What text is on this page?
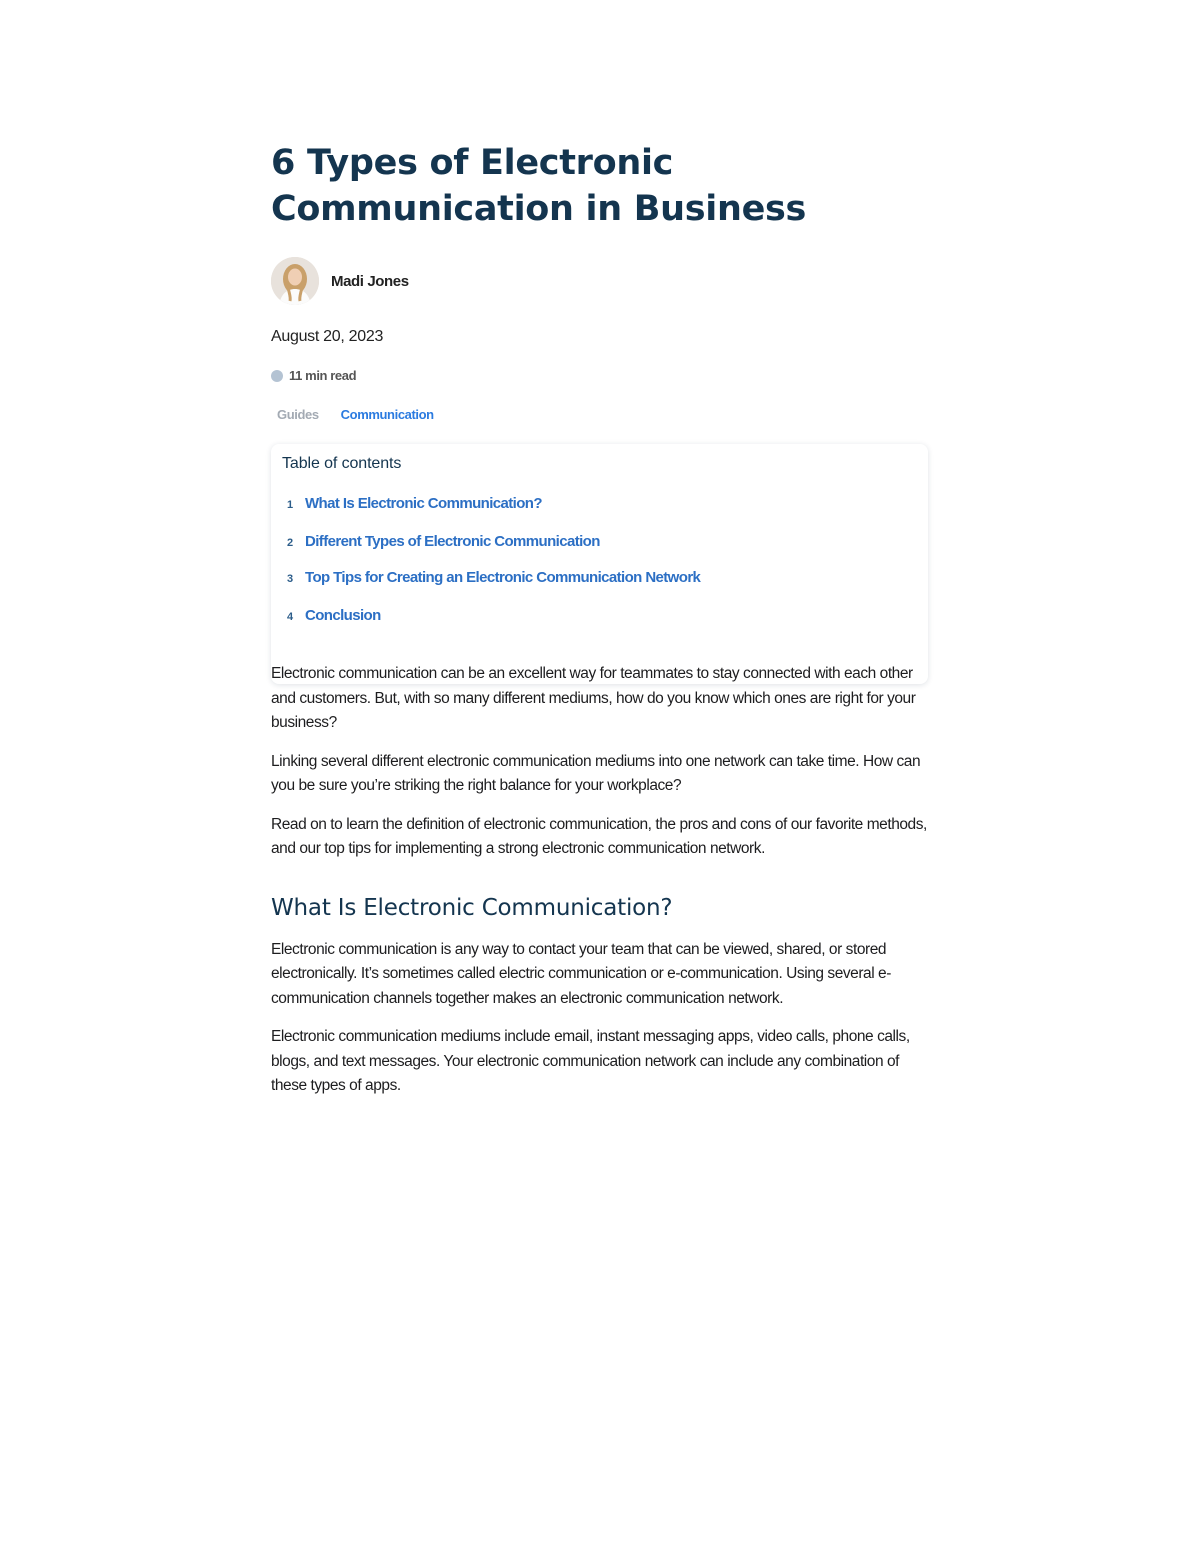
6 Types of Electronic Communication in Business
Madi Jones
August 20, 2023
11 min read
Guides Communication
Table of contents
1 What Is Electronic Communication?
2 Different Types of Electronic Communication
3 Top Tips for Creating an Electronic Communication Network
4 Conclusion

Electronic communication can be an excellent way for teammates to stay connected with each other and customers. But, with so many different mediums, how do you know which ones are right for your business?

Linking several different electronic communication mediums into one network can take time. How can you be sure you’re striking the right balance for your workplace?

Read on to learn the definition of electronic communication, the pros and cons of our favorite methods, and our top tips for implementing a strong electronic communication network.

What Is Electronic Communication?

Electronic communication is any way to contact your team that can be viewed, shared, or stored electronically. It’s sometimes called electric communication or e-communication. Using several e-communication channels together makes an electronic communication network.

Electronic communication mediums include email, instant messaging apps, video calls, phone calls, blogs, and text messages. Your electronic communication network can include any combination of these types of apps.
